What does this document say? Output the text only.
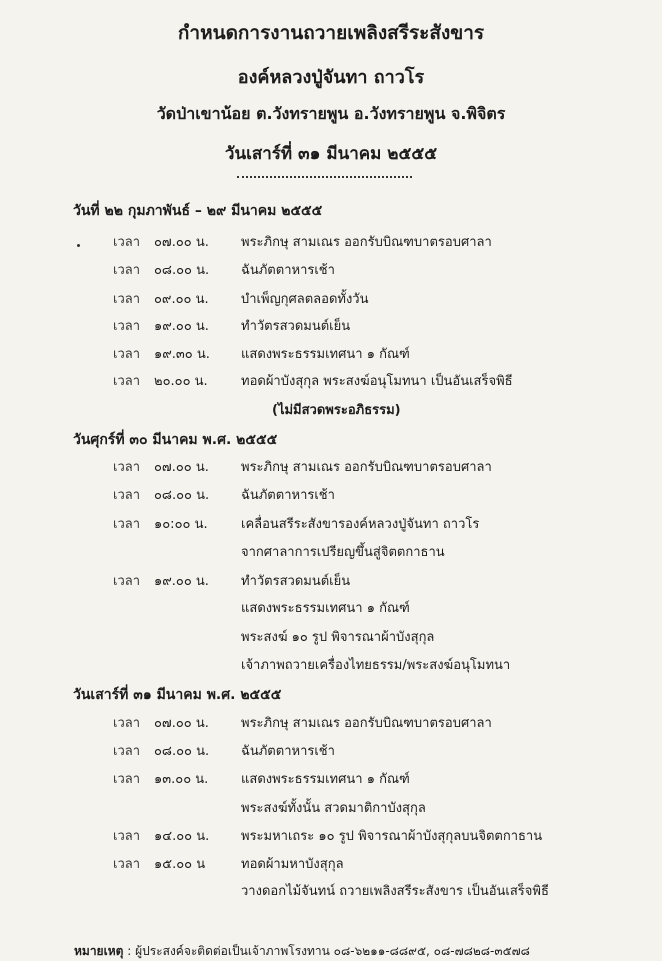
กำหนดการงานถวายเพลิงสรีระสังขาร
องค์หลวงปู่จันทา ถาวโร
วัดป่าเขาน้อย ต.วังทรายพูน อ.วังทรายพูน จ.พิจิตร
วันเสาร์ที่ ๓๑ มีนาคม ๒๕๕๕
วันที่ ๒๒ กุมภาพันธ์ – ๒๙ มีนาคม ๒๕๕๕
เวลา ๐๗.๐๐ น. พระภิกษุ สามเณร ออกรับบิณฑบาตรอบศาลา
เวลา ๐๘.๐๐ น. ฉันภัตตาหารเช้า
เวลา ๐๙.๐๐ น. บำเพ็ญกุศลตลอดทั้งวัน
เวลา ๑๙.๐๐ น. ทำวัตรสวดมนต์เย็น
เวลา ๑๙.๓๐ น. แสดงพระธรรมเทศนา ๑ กัณฑ์
เวลา ๒๐.๐๐ น.	ทอดผ้าบังสุกุล พระสงฆ์อนุโมทนา เป็นอันเสร็จพิธี
(ไม่มีสวดพระอภิธรรม)
วันศุกร์ที่ ๓๐ มีนาคม พ.ศ. ๒๕๕๕
เวลา ๐๗.๐๐ น. พระภิกษุ สามเณร ออกรับบิณฑบาตรอบศาลา
เวลา ๐๘.๐๐ น. ฉันภัตตาหารเช้า
เวลา ๑๐:๐๐ น.	เคลื่อนสรีระสังขารองค์หลวงปู่จันทา ถาวโร
จากศาลาการเปรียญขึ้นสู่จิตตกาธาน
เวลา ๑๙.๐๐ น. ทำวัตรสวดมนต์เย็น
แสดงพระธรรมเทศนา ๑ กัณฑ์
พระสงฆ์ ๑๐ รูป พิจารณาผ้าบังสุกุล
เจ้าภาพถวายเครื่องไทยธรรม/พระสงฆ์อนุโมทนา
วันเสาร์ที่ ๓๑ มีนาคม พ.ศ. ๒๕๕๕
เวลา ๐๗.๐๐ น. พระภิกษุ สามเณร ออกรับบิณฑบาตรอบศาลา
เวลา ๐๘.๐๐ น. ฉันภัตตาหารเช้า
เวลา ๑๓.๐๐ น.	แสดงพระธรรมเทศนา ๑ กัณฑ์
พระสงฆ์ทั้งนั้น สวดมาติกาบังสุกุล
เวลา ๑๔.๐๐ น. พระมหาเถระ ๑๐ รูป พิจารณาผ้าบังสุกุลบนจิตตกาธาน
เวลา ๑๕.๐๐ น	ทอดผ้ามหาบังสุกุล
วางดอกไม้จันทน์ ถวายเพลิงสรีระสังขาร เป็นอันเสร็จพิธี
หมายเหตุ : ผู้ประสงค์จะติดต่อเป็นเจ้าภาพโรงทาน ๐๘-๖๒๑๑-๘๘๙๕, ๐๘-๗๘๒๘-๓๕๗๘
